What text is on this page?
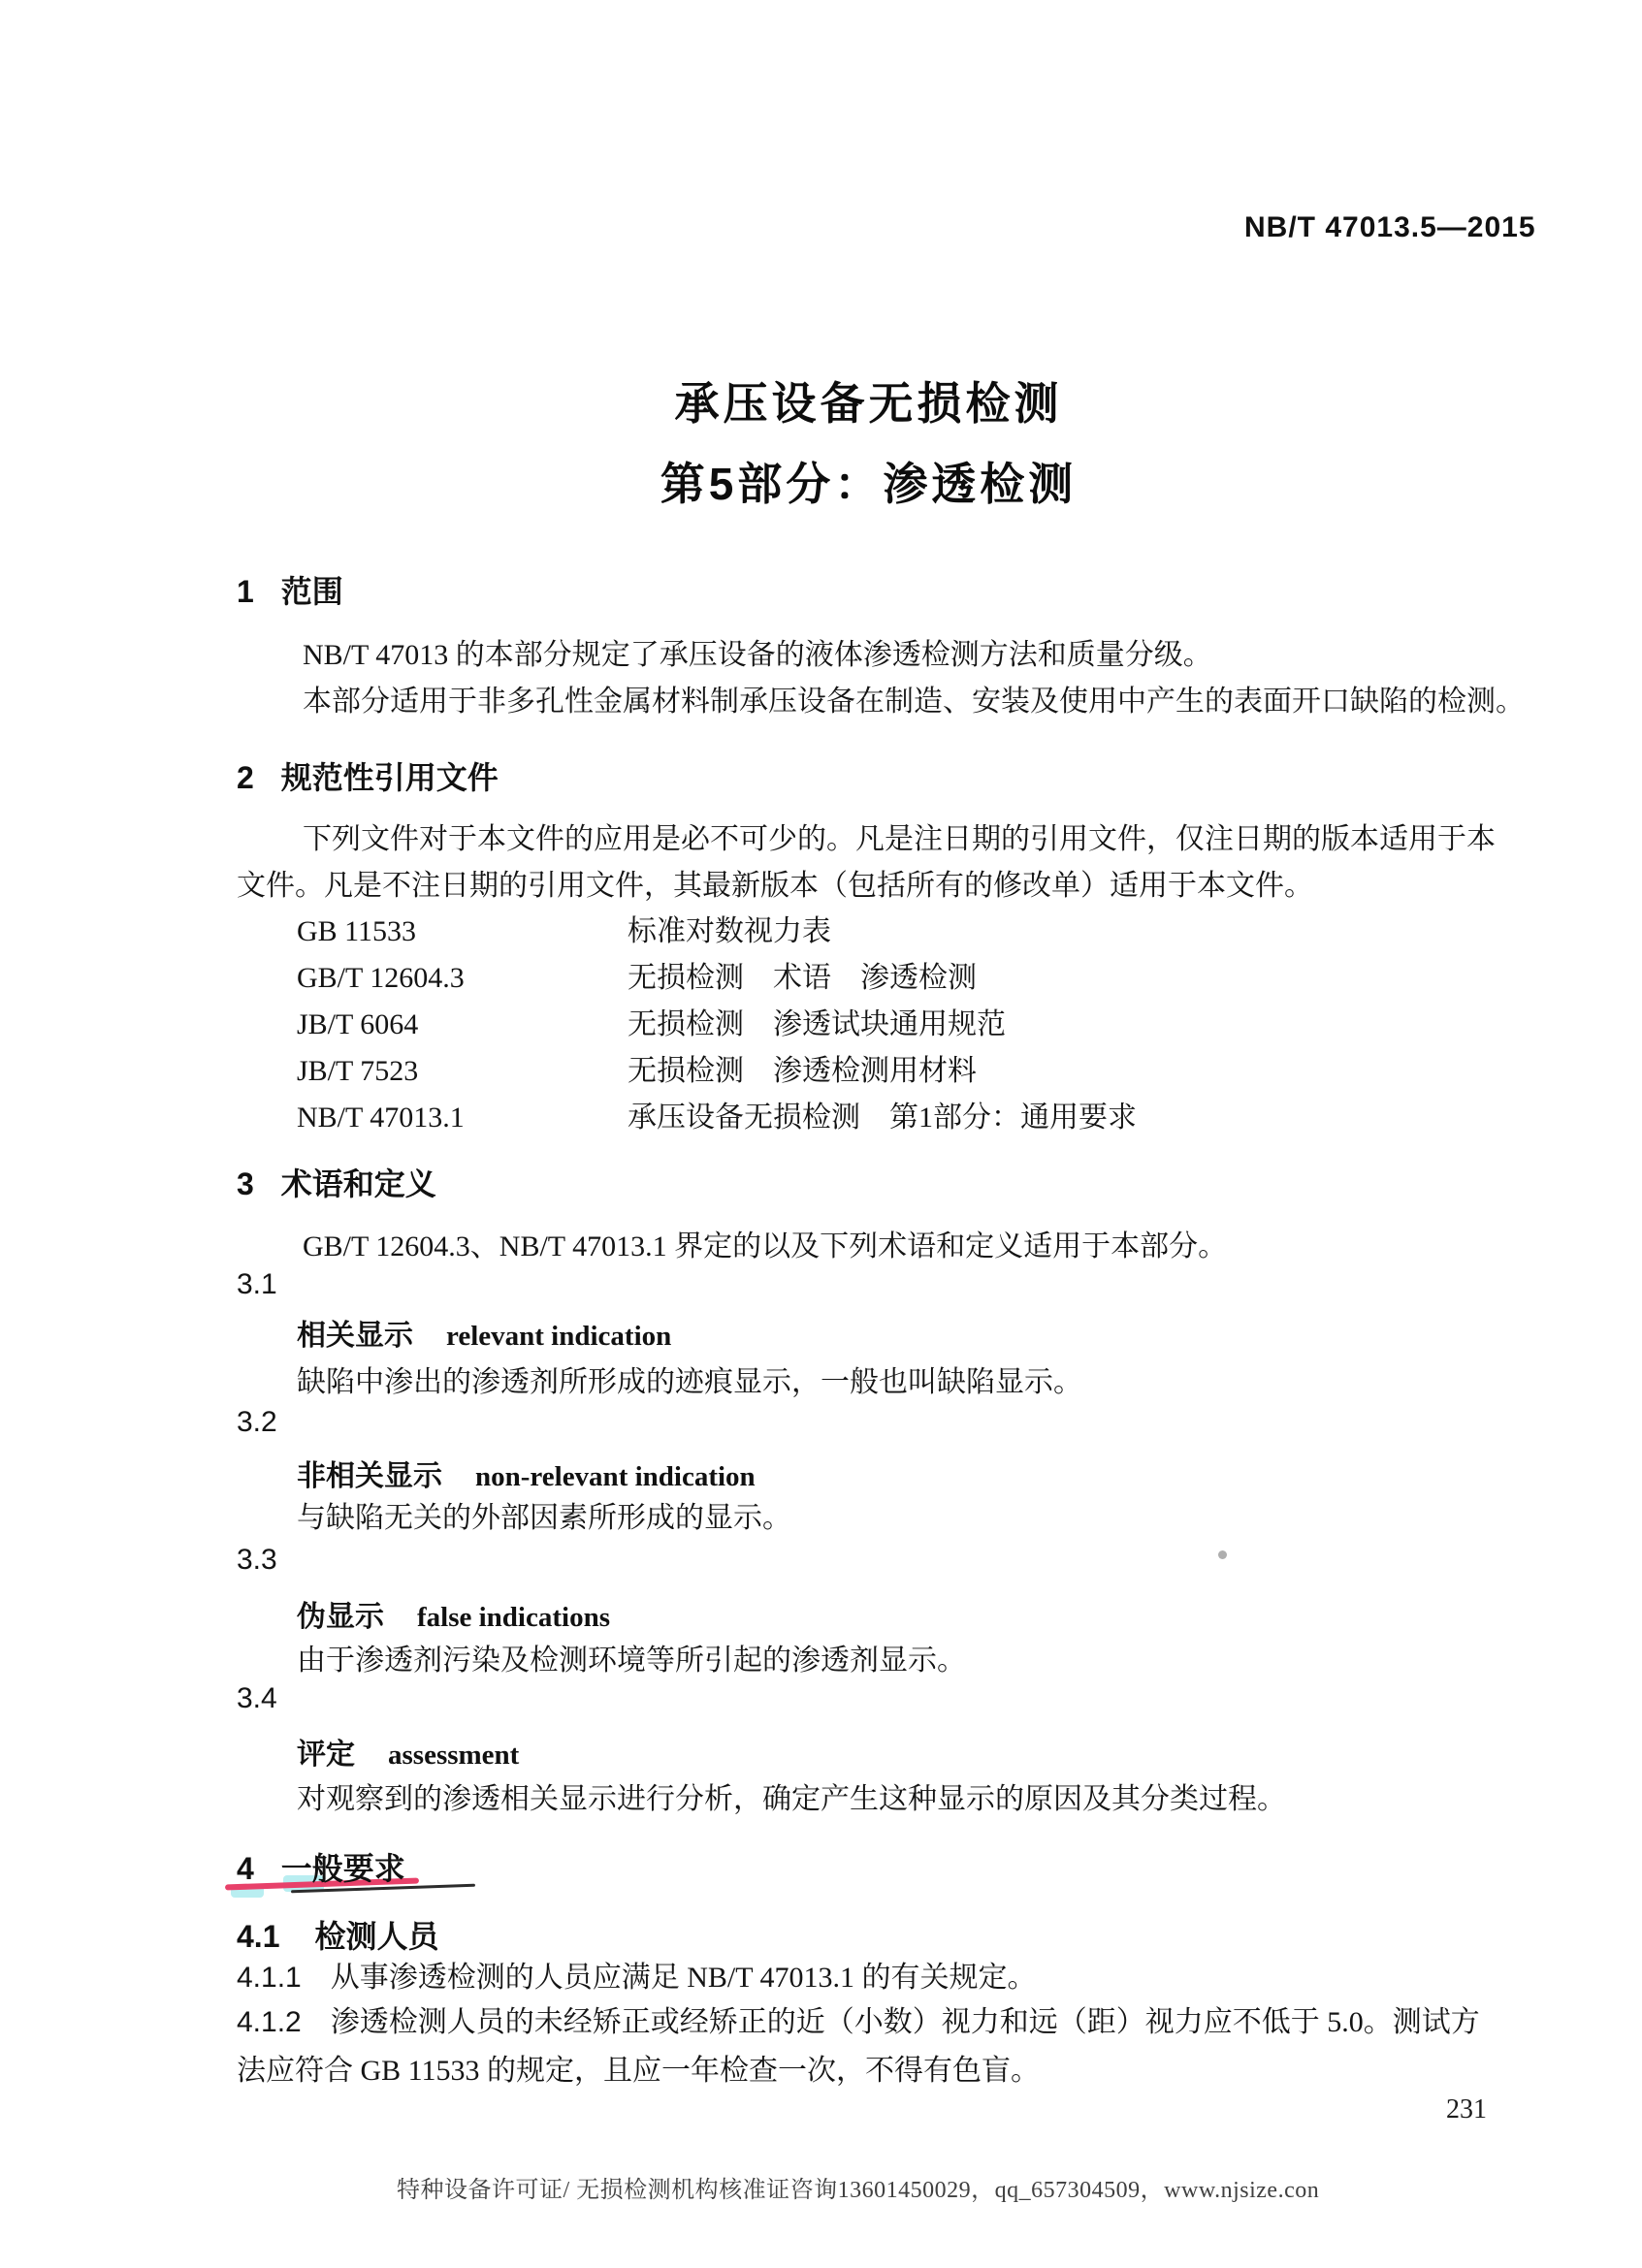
NB/T 47013.5—2015
承压设备无损检测
第5部分：渗透检测
1 范围
NB/T 47013 的本部分规定了承压设备的液体渗透检测方法和质量分级。
本部分适用于非多孔性金属材料制承压设备在制造、安装及使用中产生的表面开口缺陷的检测。
2 规范性引用文件
下列文件对于本文件的应用是必不可少的。凡是注日期的引用文件，仅注日期的版本适用于本
文件。凡是不注日期的引用文件，其最新版本（包括所有的修改单）适用于本文件。
GB 11533	标准对数视力表
GB/T 12604.3	无损检测　术语　渗透检测
JB/T 6064	无损检测　渗透试块通用规范
JB/T 7523	无损检测　渗透检测用材料
NB/T 47013.1	承压设备无损检测　第1部分：通用要求
3 术语和定义
GB/T 12604.3、NB/T 47013.1 界定的以及下列术语和定义适用于本部分。
3.1
相关显示 relevant indication
缺陷中渗出的渗透剂所形成的迹痕显示，一般也叫缺陷显示。
3.2
非相关显示 non-relevant indication
与缺陷无关的外部因素所形成的显示。
3.3
伪显示 false indications
由于渗透剂污染及检测环境等所引起的渗透剂显示。
3.4
评定 assessment
对观察到的渗透相关显示进行分析，确定产生这种显示的原因及其分类过程。
4 一般要求
4.1 检测人员
4.1.1 从事渗透检测的人员应满足 NB/T 47013.1 的有关规定。
4.1.2 渗透检测人员的未经矫正或经矫正的近（小数）视力和远（距）视力应不低于 5.0。测试方
法应符合 GB 11533 的规定，且应一年检查一次，不得有色盲。
231
特种设备许可证/ 无损检测机构核准证咨询13601450029，qq_657304509，www.njsize.con
